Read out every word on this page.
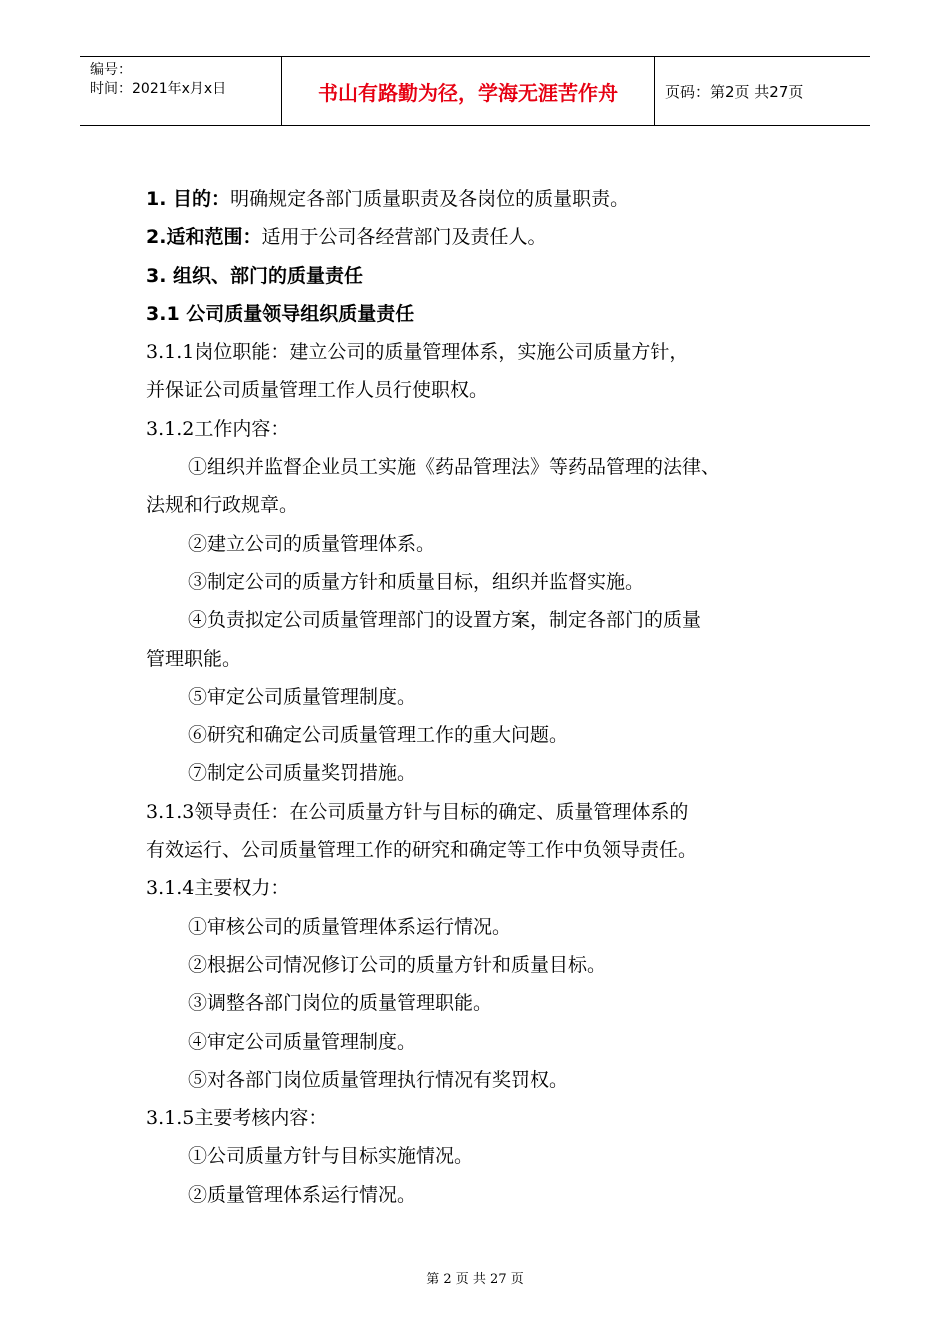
编号：
时间：2021年x月x日	书山有路勤为径，学海无涯苦作舟	页码：第2页 共27页
1. 目的：明确规定各部门质量职责及各岗位的质量职责。
2.适和范围：适用于公司各经营部门及责任人。
3. 组织、部门的质量责任
3.1 公司质量领导组织质量责任
3.1.1岗位职能：建立公司的质量管理体系，实施公司质量方针，
并保证公司质量管理工作人员行使职权。
3.1.2工作内容：
①组织并监督企业员工实施《药品管理法》等药品管理的法律、
法规和行政规章。
②建立公司的质量管理体系。
③制定公司的质量方针和质量目标，组织并监督实施。
④负责拟定公司质量管理部门的设置方案，制定各部门的质量
管理职能。
⑤审定公司质量管理制度。
⑥研究和确定公司质量管理工作的重大问题。
⑦制定公司质量奖罚措施。
3.1.3领导责任：在公司质量方针与目标的确定、质量管理体系的
有效运行、公司质量管理工作的研究和确定等工作中负领导责任。
3.1.4主要权力：
①审核公司的质量管理体系运行情况。
②根据公司情况修订公司的质量方针和质量目标。
③调整各部门岗位的质量管理职能。
④审定公司质量管理制度。
⑤对各部门岗位质量管理执行情况有奖罚权。
3.1.5主要考核内容：
①公司质量方针与目标实施情况。
②质量管理体系运行情况。
第 2 页 共 27 页
